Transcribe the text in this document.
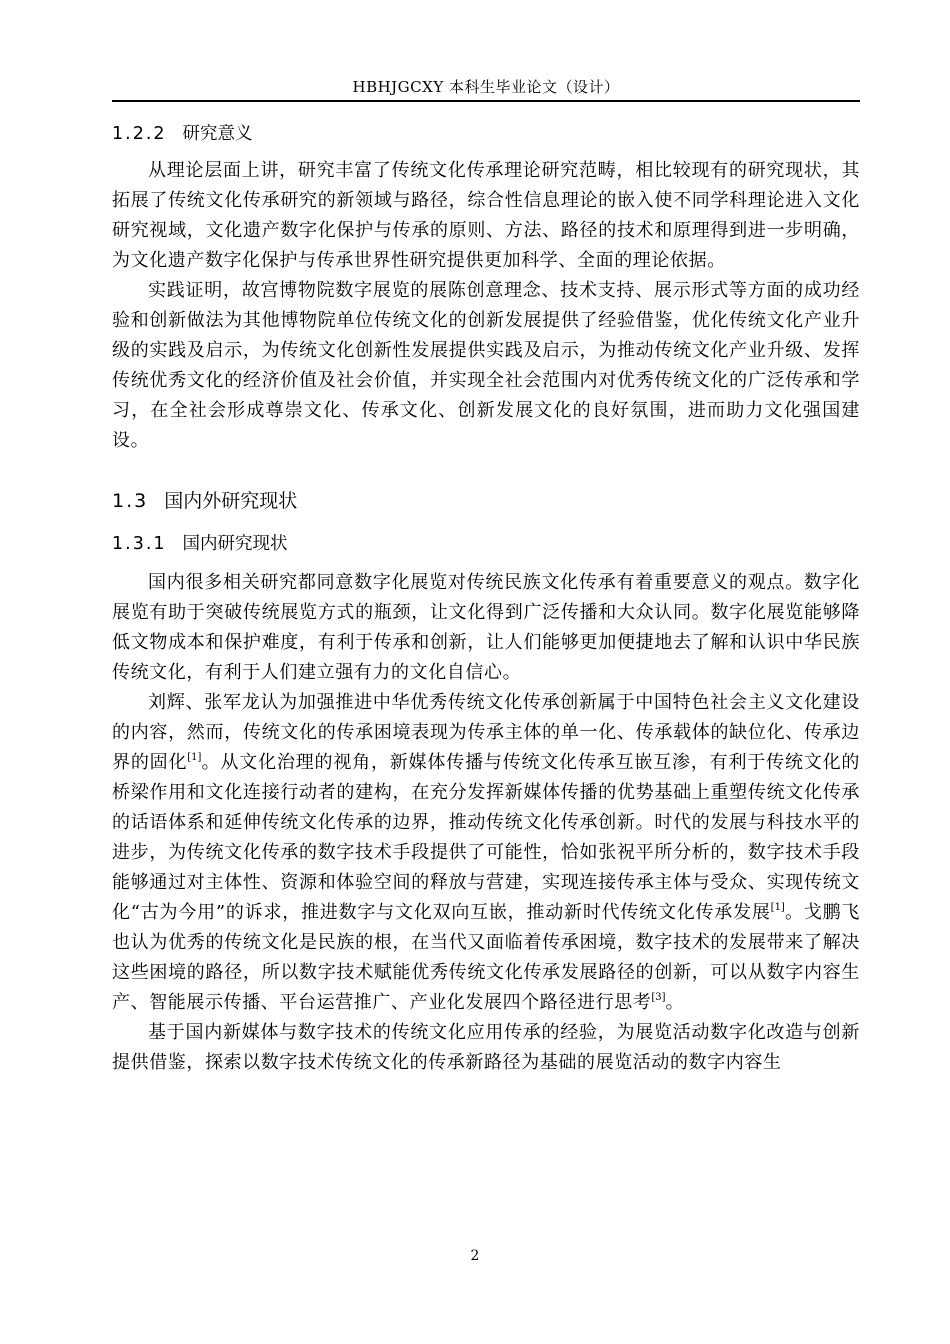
HBHJGCXY 本科生毕业论文（设计）
1.2.2 研究意义

从理论层面上讲，研究丰富了传统文化传承理论研究范畴，相比较现有的研究现状，其拓展了传统文化传承研究的新领域与路径，综合性信息理论的嵌入使不同学科理论进入文化研究视域，文化遗产数字化保护与传承的原则、方法、路径的技术和原理得到进一步明确，为文化遗产数字化保护与传承世界性研究提供更加科学、全面的理论依据。

实践证明，故宫博物院数字展览的展陈创意理念、技术支持、展示形式等方面的成功经验和创新做法为其他博物院单位传统文化的创新发展提供了经验借鉴，优化传统文化产业升级的实践及启示，为传统文化创新性发展提供实践及启示，为推动传统文化产业升级、发挥传统优秀文化的经济价值及社会价值，并实现全社会范围内对优秀传统文化的广泛传承和学习，在全社会形成尊崇文化、传承文化、创新发展文化的良好氛围，进而助力文化强国建设。

1.3 国内外研究现状
1.3.1 国内研究现状

国内很多相关研究都同意数字化展览对传统民族文化传承有着重要意义的观点。数字化展览有助于突破传统展览方式的瓶颈，让文化得到广泛传播和大众认同。数字化展览能够降低文物成本和保护难度，有利于传承和创新，让人们能够更加便捷地去了解和认识中华民族传统文化，有利于人们建立强有力的文化自信心。

刘辉、张军龙认为加强推进中华优秀传统文化传承创新属于中国特色社会主义文化建设的内容，然而，传统文化的传承困境表现为传承主体的单一化、传承载体的缺位化、传承边界的固化[1]。从文化治理的视角，新媒体传播与传统文化传承互嵌互渗，有利于传统文化的桥梁作用和文化连接行动者的建构，在充分发挥新媒体传播的优势基础上重塑传统文化传承的话语体系和延伸传统文化传承的边界，推动传统文化传承创新。时代的发展与科技水平的进步，为传统文化传承的数字技术手段提供了可能性，恰如张祝平所分析的，数字技术手段能够通过对主体性、资源和体验空间的释放与营建，实现连接传承主体与受众、实现传统文化“古为今用”的诉求，推进数字与文化双向互嵌，推动新时代传统文化传承发展[1]。戈鹏飞也认为优秀的传统文化是民族的根，在当代又面临着传承困境，数字技术的发展带来了解决这些困境的路径，所以数字技术赋能优秀传统文化传承发展路径的创新，可以从数字内容生产、智能展示传播、平台运营推广、产业化发展四个路径进行思考[3]。

基于国内新媒体与数字技术的传统文化应用传承的经验，为展览活动数字化改造与创新提供借鉴，探索以数字技术传统文化的传承新路径为基础的展览活动的数字内容生

2
